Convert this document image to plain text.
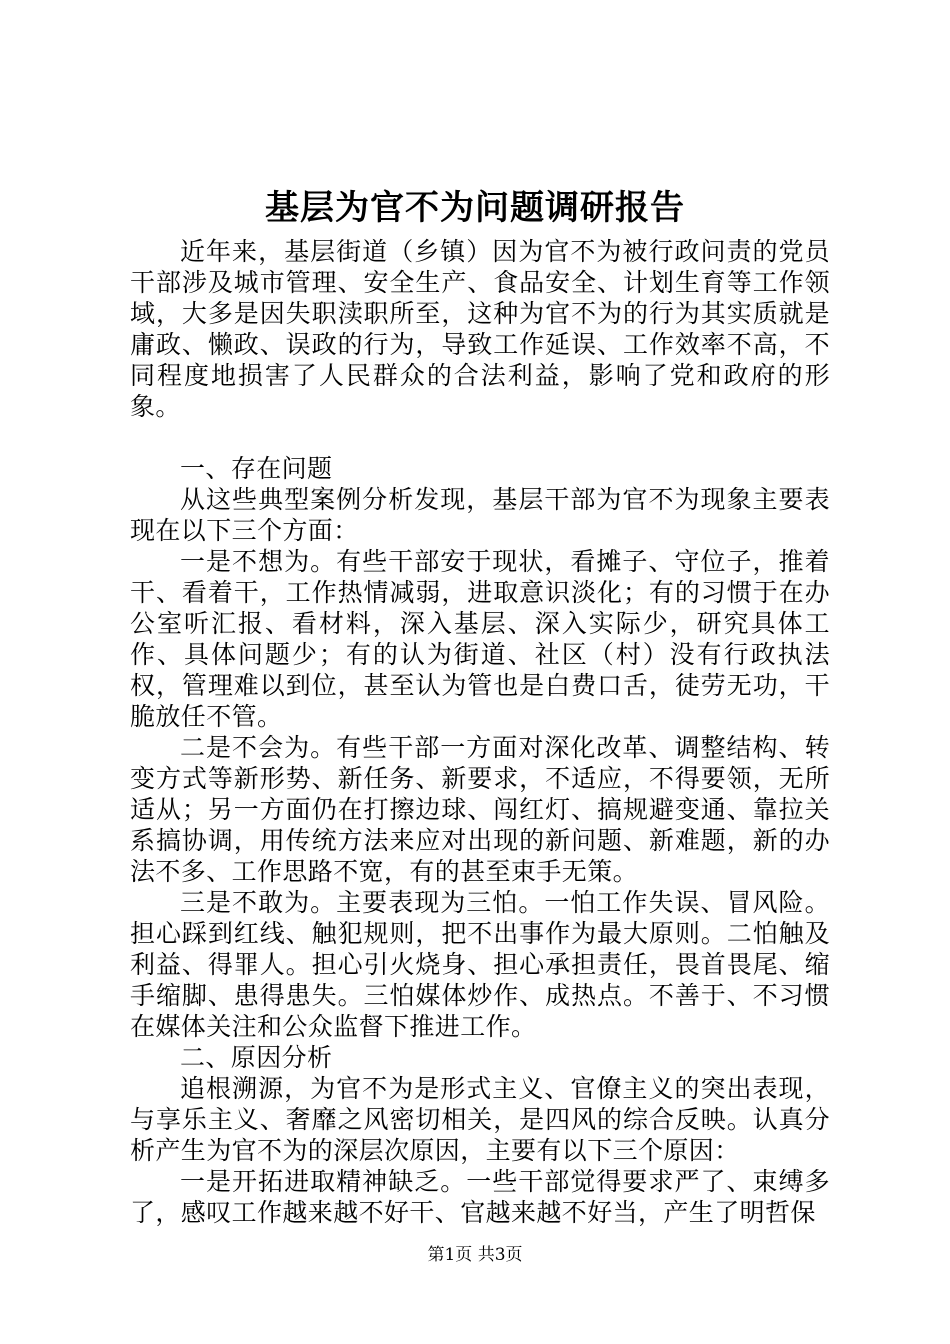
基层为官不为问题调研报告

近年来，基层街道（乡镇）因为官不为被行政问责的党员干部涉及城市管理、安全生产、食品安全、计划生育等工作领域，大多是因失职渎职所至，这种为官不为的行为其实质就是庸政、懒政、误政的行为，导致工作延误、工作效率不高，不同程度地损害了人民群众的合法利益，影响了党和政府的形象。

一、存在问题

从这些典型案例分析发现，基层干部为官不为现象主要表现在以下三个方面：

一是不想为。有些干部安于现状，看摊子、守位子，推着干、看着干，工作热情减弱，进取意识淡化；有的习惯于在办公室听汇报、看材料，深入基层、深入实际少，研究具体工作、具体问题少；有的认为街道、社区（村）没有行政执法权，管理难以到位，甚至认为管也是白费口舌，徒劳无功，干脆放任不管。

二是不会为。有些干部一方面对深化改革、调整结构、转变方式等新形势、新任务、新要求，不适应，不得要领，无所适从；另一方面仍在打擦边球、闯红灯、搞规避变通、靠拉关系搞协调，用传统方法来应对出现的新问题、新难题，新的办法不多、工作思路不宽，有的甚至束手无策。

三是不敢为。主要表现为三怕。一怕工作失误、冒风险。担心踩到红线、触犯规则，把不出事作为最大原则。二怕触及利益、得罪人。担心引火烧身、担心承担责任，畏首畏尾、缩手缩脚、患得患失。三怕媒体炒作、成热点。不善于、不习惯在媒体关注和公众监督下推进工作。

二、原因分析

追根溯源，为官不为是形式主义、官僚主义的突出表现，与享乐主义、奢靡之风密切相关，是四风的综合反映。认真分析产生为官不为的深层次原因，主要有以下三个原因：

一是开拓进取精神缺乏。一些干部觉得要求严了、束缚多了，感叹工作越来越不好干、官越来越不好当，产生了明哲保

第1页 共3页
